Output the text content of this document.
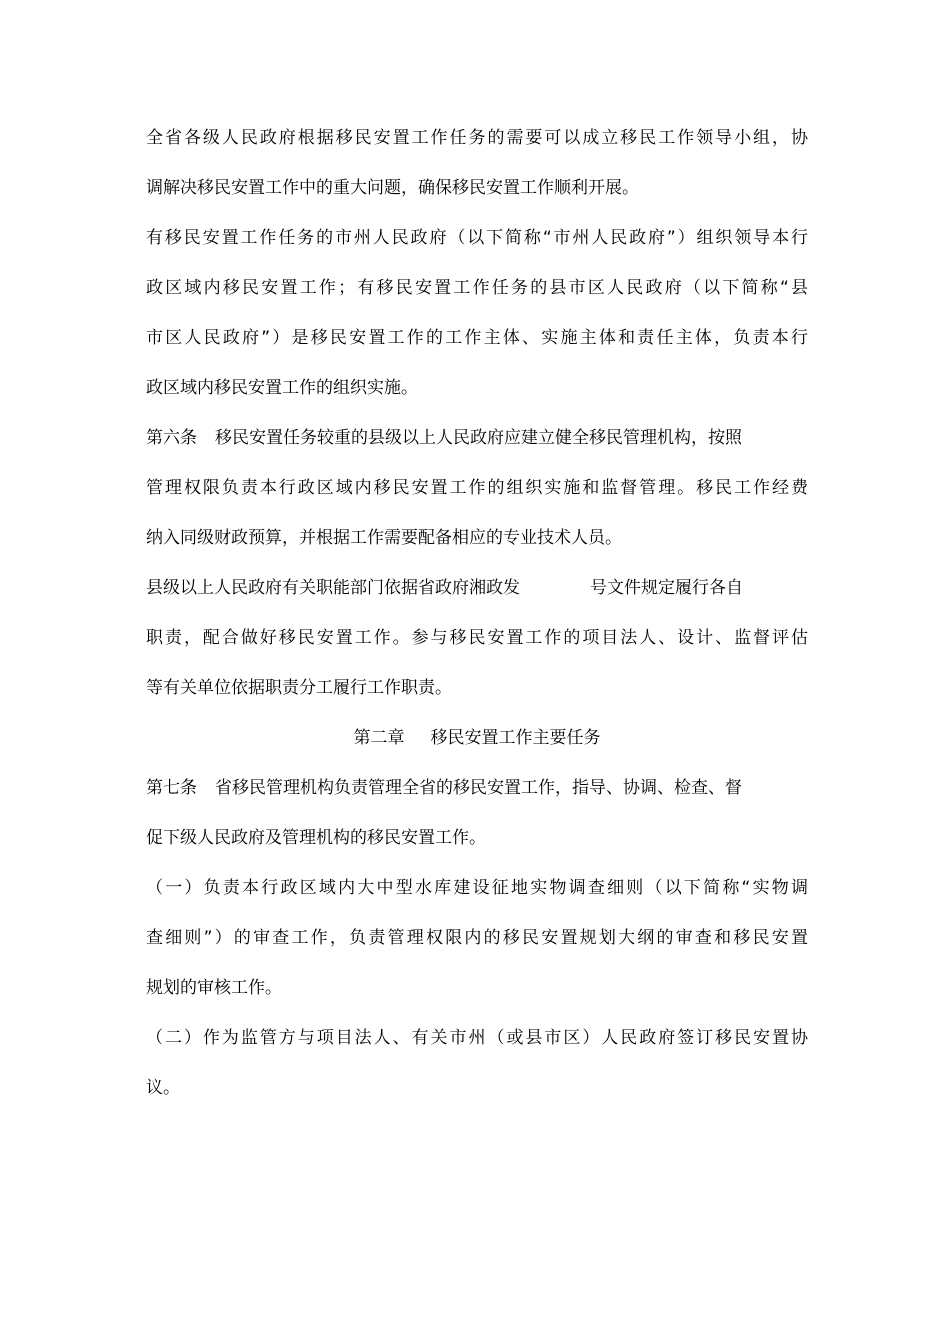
全省各级人民政府根据移民安置工作任务的需要可以成立移民工作领导小组，协
调解决移民安置工作中的重大问题，确保移民安置工作顺利开展。
有移民安置工作任务的市州人民政府（以下简称“市州人民政府”）组织领导本行
政区域内移民安置工作；有移民安置工作任务的县市区人民政府（以下简称“县
市区人民政府”）是移民安置工作的工作主体、实施主体和责任主体，负责本行
政区域内移民安置工作的组织实施。
第六条 移民安置任务较重的县级以上人民政府应建立健全移民管理机构，按照
管理权限负责本行政区域内移民安置工作的组织实施和监督管理。移民工作经费
纳入同级财政预算，并根据工作需要配备相应的专业技术人员。
县级以上人民政府有关职能部门依据省政府湘政发	号文件规定履行各自
职责，配合做好移民安置工作。参与移民安置工作的项目法人、设计、监督评估
等有关单位依据职责分工履行工作职责。
第二章 移民安置工作主要任务
第七条 省移民管理机构负责管理全省的移民安置工作，指导、协调、检查、督
促下级人民政府及管理机构的移民安置工作。
（一）负责本行政区域内大中型水库建设征地实物调查细则（以下简称“实物调
查细则”）的审查工作，负责管理权限内的移民安置规划大纲的审查和移民安置
规划的审核工作。
（二）作为监管方与项目法人、有关市州（或县市区）人民政府签订移民安置协
议。
